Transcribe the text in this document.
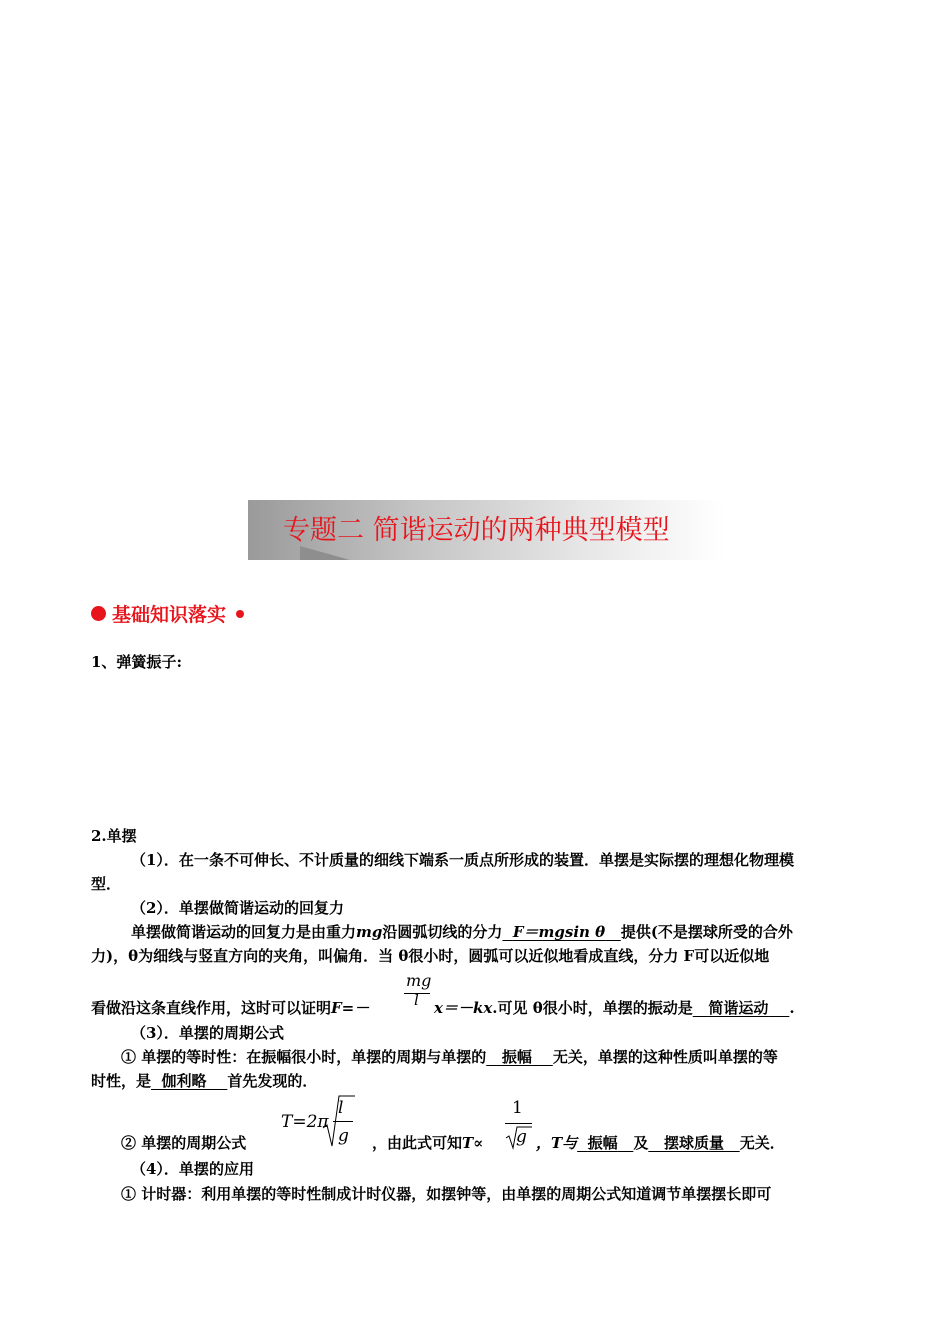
专题二 简谐运动的两种典型模型
基础知识落实
1、弹簧振子:
2.单摆
（1）．在一条不可伸长、不计质量的细线下端系一质点所形成的装置．单摆是实际摆的理想化物理模
型．
（2）．单摆做简谐运动的回复力
单摆做简谐运动的回复力是由重力mg沿圆弧切线的分力 F＝mgsin θ 提供(不是摆球所受的合外
力)，θ为细线与竖直方向的夹角，叫偏角．当 θ很小时，圆弧可以近似地看成直线，分力 F可以近似地
mg
l
看做沿这条直线作用，这时可以证明F=－	x＝－kx.可见 θ很小时，单摆的振动是 简谐运动 .
（3）．单摆的周期公式
① 单摆的等时性：在振幅很小时，单摆的周期与单摆的 振幅 无关，单摆的这种性质叫单摆的等
时性，是 伽利略 首先发现的．
T=2π
l
g
1
g
② 单摆的周期公式	，由此式可知T∝	，T与 振幅 及 摆球质量 无关．
（4）．单摆的应用
① 计时器：利用单摆的等时性制成计时仪器，如摆钟等，由单摆的周期公式知道调节单摆摆长即可
